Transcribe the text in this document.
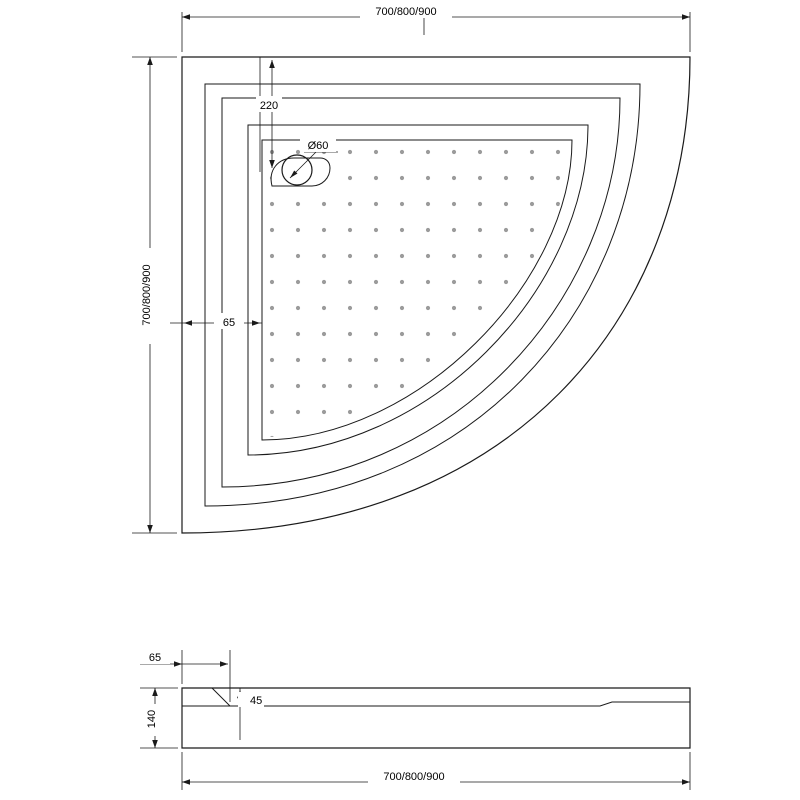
700/800/900
700/800/900
220
Ø60
65
65
45
140
700/800/900
